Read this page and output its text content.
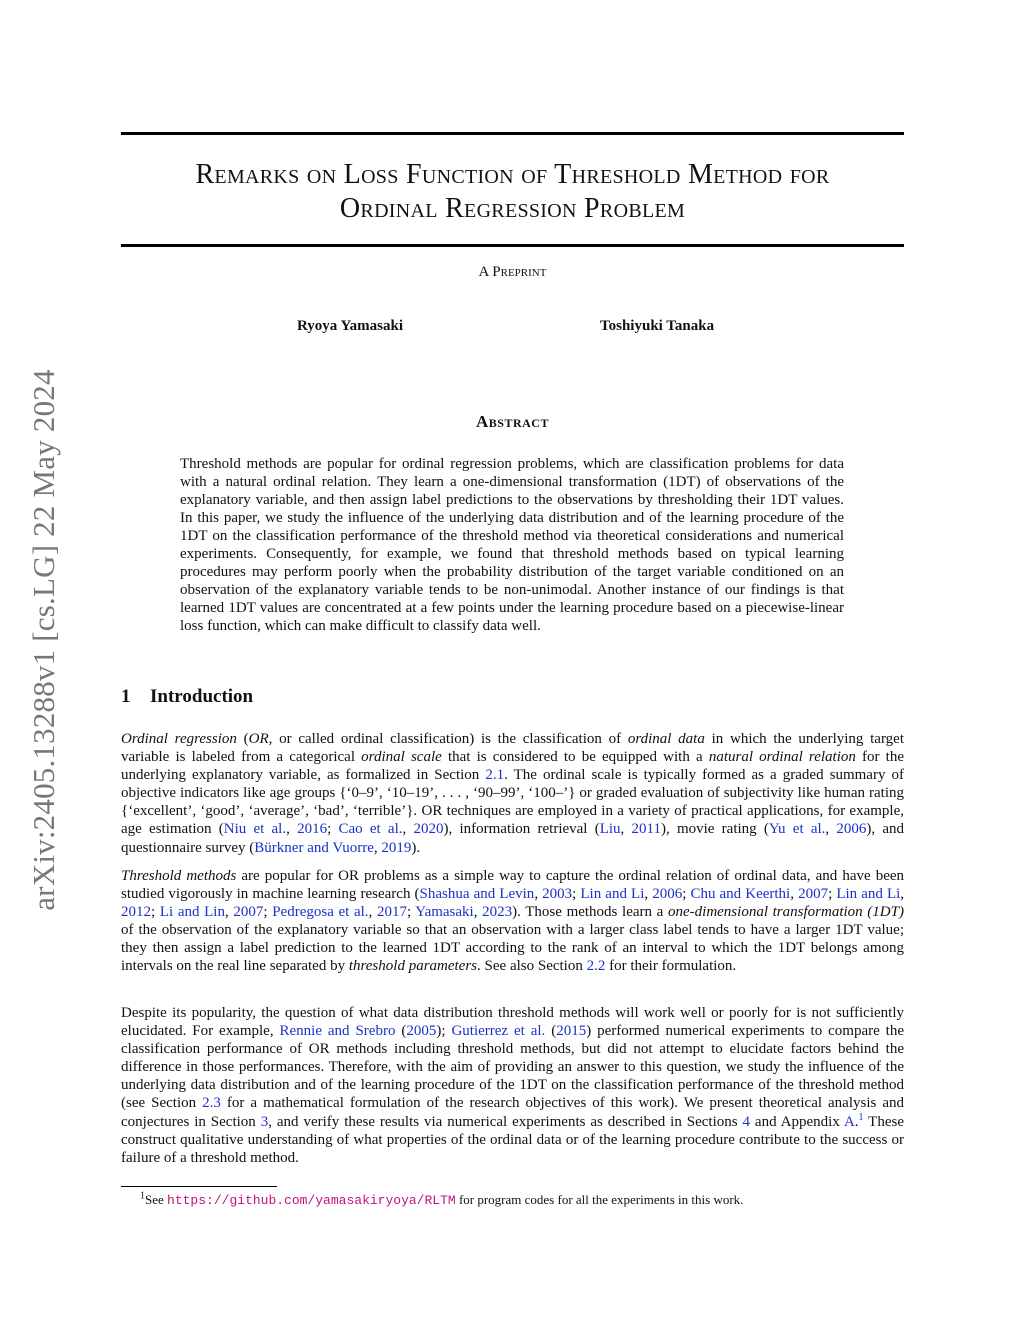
arXiv:2405.13288v1 [cs.LG] 22 May 2024
Remarks on Loss Function of Threshold Method for
Ordinal Regression Problem
A Preprint
Ryoya Yamasaki	Toshiyuki Tanaka
Abstract
Threshold methods are popular for ordinal regression problems, which are classification problems for data with a natural ordinal relation. They learn a one-dimensional transformation (1DT) of observations of the explanatory variable, and then assign label predictions to the observations by thresholding their 1DT values. In this paper, we study the influence of the underlying data distribution and of the learning procedure of the 1DT on the classification performance of the threshold method via theoretical considerations and numerical experiments. Consequently, for example, we found that threshold methods based on typical learning procedures may perform poorly when the probability distribution of the target variable conditioned on an observation of the explanatory variable tends to be non-unimodal. Another instance of our findings is that learned 1DT values are concentrated at a few points under the learning procedure based on a piecewise-linear loss function, which can make difficult to classify data well.
1 Introduction
Ordinal regression (OR, or called ordinal classification) is the classification of ordinal data in which the underlying target variable is labeled from a categorical ordinal scale that is considered to be equipped with a natural ordinal relation for the underlying explanatory variable, as formalized in Section 2.1. The ordinal scale is typically formed as a graded summary of objective indicators like age groups {‘0–9’, ‘10–19’, . . . , ‘90–99’, ‘100–’} or graded evaluation of subjectivity like human rating {‘excellent’, ‘good’, ‘average’, ‘bad’, ‘terrible’}. OR techniques are employed in a variety of practical applications, for example, age estimation (Niu et al., 2016; Cao et al., 2020), information retrieval (Liu, 2011), movie rating (Yu et al., 2006), and questionnaire survey (Bürkner and Vuorre, 2019).
Threshold methods are popular for OR problems as a simple way to capture the ordinal relation of ordinal data, and have been studied vigorously in machine learning research (Shashua and Levin, 2003; Lin and Li, 2006; Chu and Keerthi, 2007; Lin and Li, 2012; Li and Lin, 2007; Pedregosa et al., 2017; Yamasaki, 2023). Those methods learn a one-dimensional transformation (1DT) of the observation of the explanatory variable so that an observation with a larger class label tends to have a larger 1DT value; they then assign a label prediction to the learned 1DT according to the rank of an interval to which the 1DT belongs among intervals on the real line separated by threshold parameters. See also Section 2.2 for their formulation.
Despite its popularity, the question of what data distribution threshold methods will work well or poorly for is not sufficiently elucidated. For example, Rennie and Srebro (2005); Gutierrez et al. (2015) performed numerical experiments to compare the classification performance of OR methods including threshold methods, but did not attempt to elucidate factors behind the difference in those performances. Therefore, with the aim of providing an answer to this question, we study the influence of the underlying data distribution and of the learning procedure of the 1DT on the classification performance of the threshold method (see Section 2.3 for a mathematical formulation of the research objectives of this work). We present theoretical analysis and conjectures in Section 3, and verify these results via numerical experiments as described in Sections 4 and Appendix A.$^1$ These construct qualitative understanding of what properties of the ordinal data or of the learning procedure contribute to the success or failure of a threshold method.
$^1$See https://github.com/yamasakiryoya/RLTM for program codes for all the experiments in this work.
